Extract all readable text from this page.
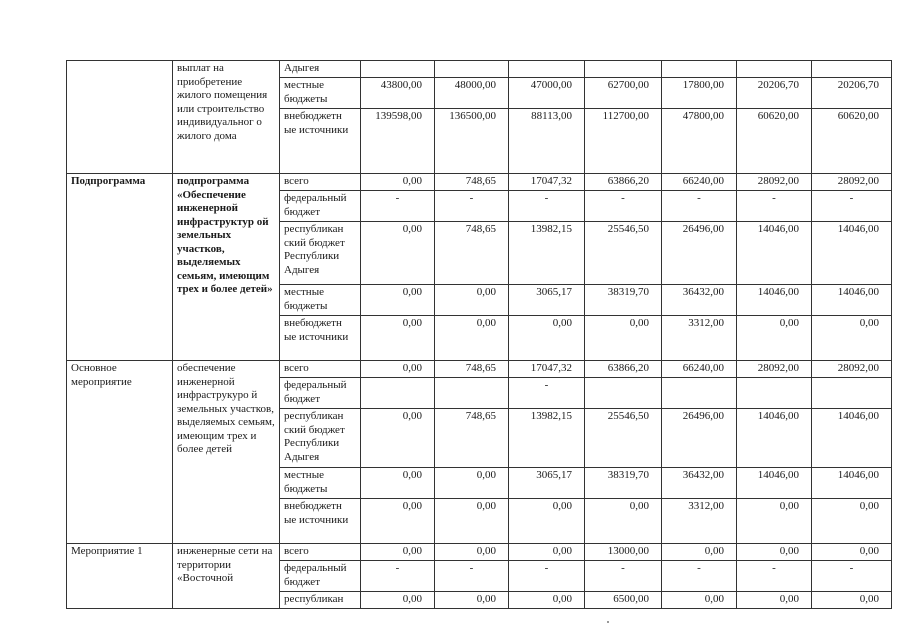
	выплат на приобретение жилого помещения или строительство индивидуальног о жилого дома	Адыгея							
		местные бюджеты	43800,00	48000,00	47000,00	62700,00	17800,00	20206,70	20206,70
		внебюджетн ые источники	139598,00	136500,00	88113,00	112700,00	47800,00	60620,00	60620,00
Подпрограмма	подпрограмма «Обеспечение инженерной инфраструктур ой земельных участков, выделяемых семьям, имеющим трех и более детей»	всего	0,00	748,65	17047,32	63866,20	66240,00	28092,00	28092,00
		федеральный бюджет	-	-	-	-	-	-	-
		республикан ский бюджет Республики Адыгея	0,00	748,65	13982,15	25546,50	26496,00	14046,00	14046,00
		местные бюджеты	0,00	0,00	3065,17	38319,70	36432,00	14046,00	14046,00
		внебюджетн ые источники	0,00	0,00	0,00	0,00	3312,00	0,00	0,00
Основное мероприятие	обеспечение инженерной инфраструкуро й земельных участков, выделяемых семьям, имеющим трех и более детей	всего	0,00	748,65	17047,32	63866,20	66240,00	28092,00	28092,00
		федеральный бюджет			-				
		республикан ский бюджет Республики Адыгея	0,00	748,65	13982,15	25546,50	26496,00	14046,00	14046,00
		местные бюджеты	0,00	0,00	3065,17	38319,70	36432,00	14046,00	14046,00
		внебюджетн ые источники	0,00	0,00	0,00	0,00	3312,00	0,00	0,00
Мероприятие 1	инженерные сети на территории «Восточной	всего	0,00	0,00	0,00	13000,00	0,00	0,00	0,00
		федеральный бюджет	-	-	-	-	-	-	-
		республикан	0,00	0,00	0,00	6500,00	0,00	0,00	0,00
